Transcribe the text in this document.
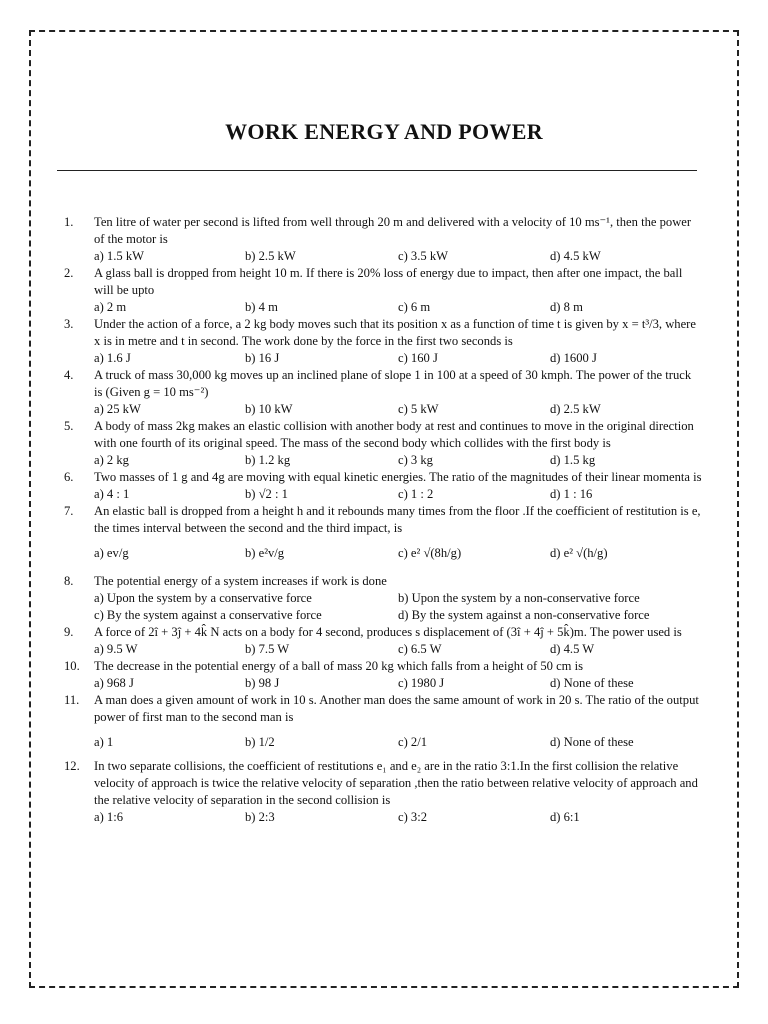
WORK ENERGY AND POWER
1. Ten litre of water per second is lifted from well through 20 m and delivered with a velocity of 10 ms⁻¹, then the power of the motor is
a) 1.5 kW	b) 2.5 kW	c) 3.5 kW	d) 4.5 kW
2. A glass ball is dropped from height 10 m. If there is 20% loss of energy due to impact, then after one impact, the ball will be upto
a) 2 m	b) 4 m	c) 6 m	d) 8 m
3. Under the action of a force, a 2 kg body moves such that its position x as a function of time t is given by x = t³/3, where x is in metre and t in second. The work done by the force in the first two seconds is
a) 1.6 J	b) 16 J	c) 160 J	d) 1600 J
4. A truck of mass 30,000 kg moves up an inclined plane of slope 1 in 100 at a speed of 30 kmph. The power of the truck is (Given g = 10 ms⁻²)
a) 25 kW	b) 10 kW	c) 5 kW	d) 2.5 kW
5. A body of mass 2kg makes an elastic collision with another body at rest and continues to move in the original direction with one fourth of its original speed. The mass of the second body which collides with the first body is
a) 2 kg	b) 1.2 kg	c) 3 kg	d) 1.5 kg
6. Two masses of 1 g and 4g are moving with equal kinetic energies. The ratio of the magnitudes of their linear momenta is
a) 4 : 1	b) √2 : 1	c) 1 : 2	d) 1 : 16
7. An elastic ball is dropped from a height h and it rebounds many times from the floor .If the coefficient of restitution is e, the times interval between the second and the third impact, is
a) ev/g	b) e²v/g	c) e² √(8h/g)	d) e² √(h/g)
8. The potential energy of a system increases if work is done
a) Upon the system by a conservative force	b) Upon the system by a non-conservative force
c) By the system against a conservative force	d) By the system against a non-conservative force
9. A force of 2î + 3ĵ + 4k̂ N acts on a body for 4 second, produces s displacement of (3î + 4ĵ + 5k̂)m. The power used is
a) 9.5 W	b) 7.5 W	c) 6.5 W	d) 4.5 W
10. The decrease in the potential energy of a ball of mass 20 kg which falls from a height of 50 cm is
a) 968 J	b) 98 J	c) 1980 J	d) None of these
11. A man does a given amount of work in 10 s. Another man does the same amount of work in 20 s. The ratio of the output power of first man to the second man is
a) 1	b) 1/2	c) 2/1	d) None of these
12. In two separate collisions, the coefficient of restitutions e₁ and e₂ are in the ratio 3:1.In the first collision the relative velocity of approach is twice the relative velocity of separation ,then the ratio between relative velocity of approach and the relative velocity of separation in the second collision is
a) 1:6	b) 2:3	c) 3:2	d) 6:1
